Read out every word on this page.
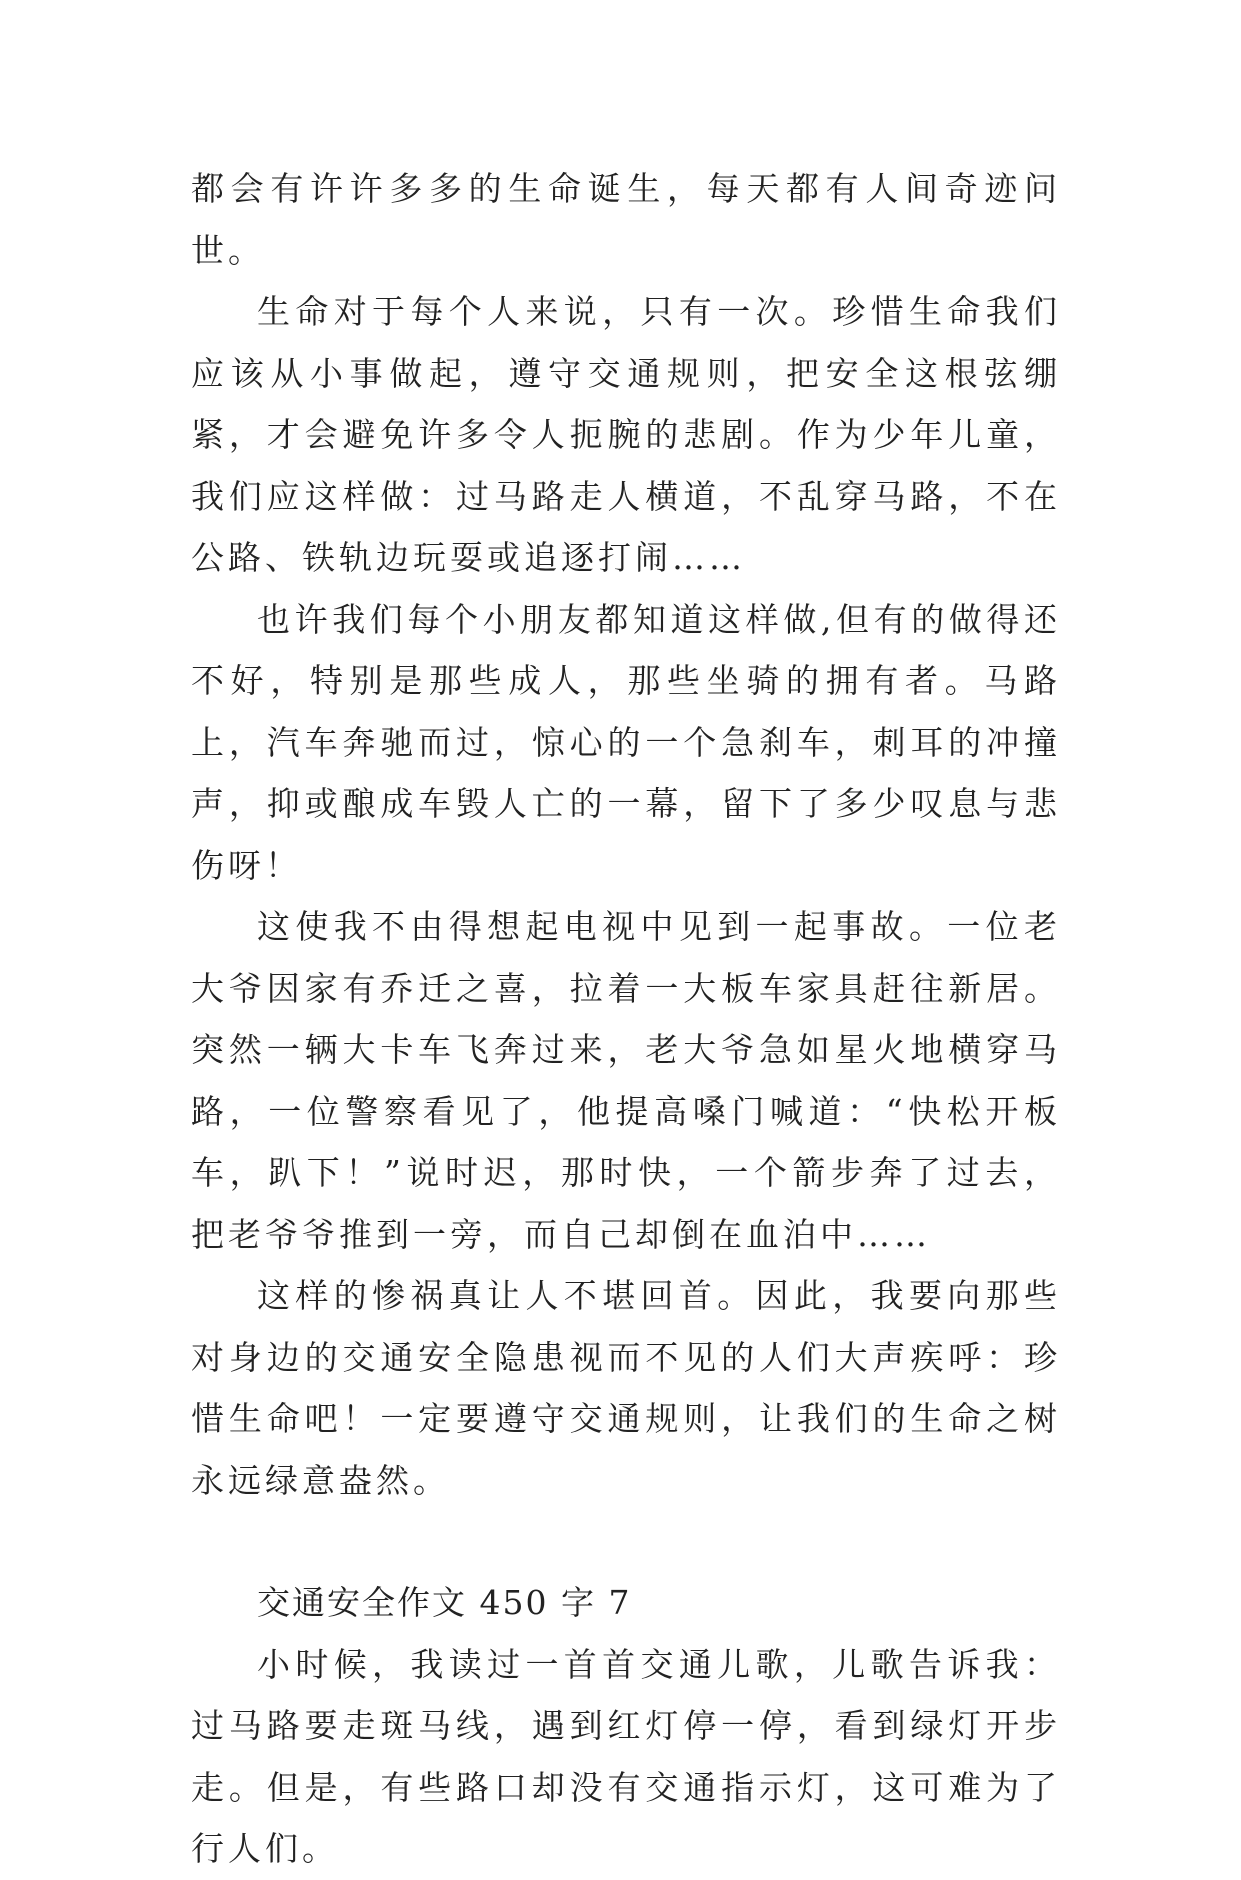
都会有许许多多的生命诞生，每天都有人间奇迹问世。

生命对于每个人来说，只有一次。珍惜生命我们应该从小事做起，遵守交通规则，把安全这根弦绷紧，才会避免许多令人扼腕的悲剧。作为少年儿童，我们应这样做：过马路走人横道，不乱穿马路，不在公路、铁轨边玩耍或追逐打闹……

也许我们每个小朋友都知道这样做,但有的做得还不好，特别是那些成人，那些坐骑的拥有者。马路上，汽车奔驰而过，惊心的一个急刹车，刺耳的冲撞声，抑或酿成车毁人亡的一幕，留下了多少叹息与悲伤呀！

这使我不由得想起电视中见到一起事故。一位老大爷因家有乔迁之喜，拉着一大板车家具赶往新居。突然一辆大卡车飞奔过来，老大爷急如星火地横穿马路，一位警察看见了，他提高嗓门喊道：“快松开板车，趴下！”说时迟，那时快，一个箭步奔了过去，把老爷爷推到一旁，而自己却倒在血泊中……

这样的惨祸真让人不堪回首。因此，我要向那些对身边的交通安全隐患视而不见的人们大声疾呼：珍惜生命吧！一定要遵守交通规则，让我们的生命之树永远绿意盎然。

交通安全作文 450 字 7

小时候，我读过一首首交通儿歌，儿歌告诉我：过马路要走斑马线，遇到红灯停一停，看到绿灯开步走。但是，有些路口却没有交通指示灯，这可难为了行人们。
